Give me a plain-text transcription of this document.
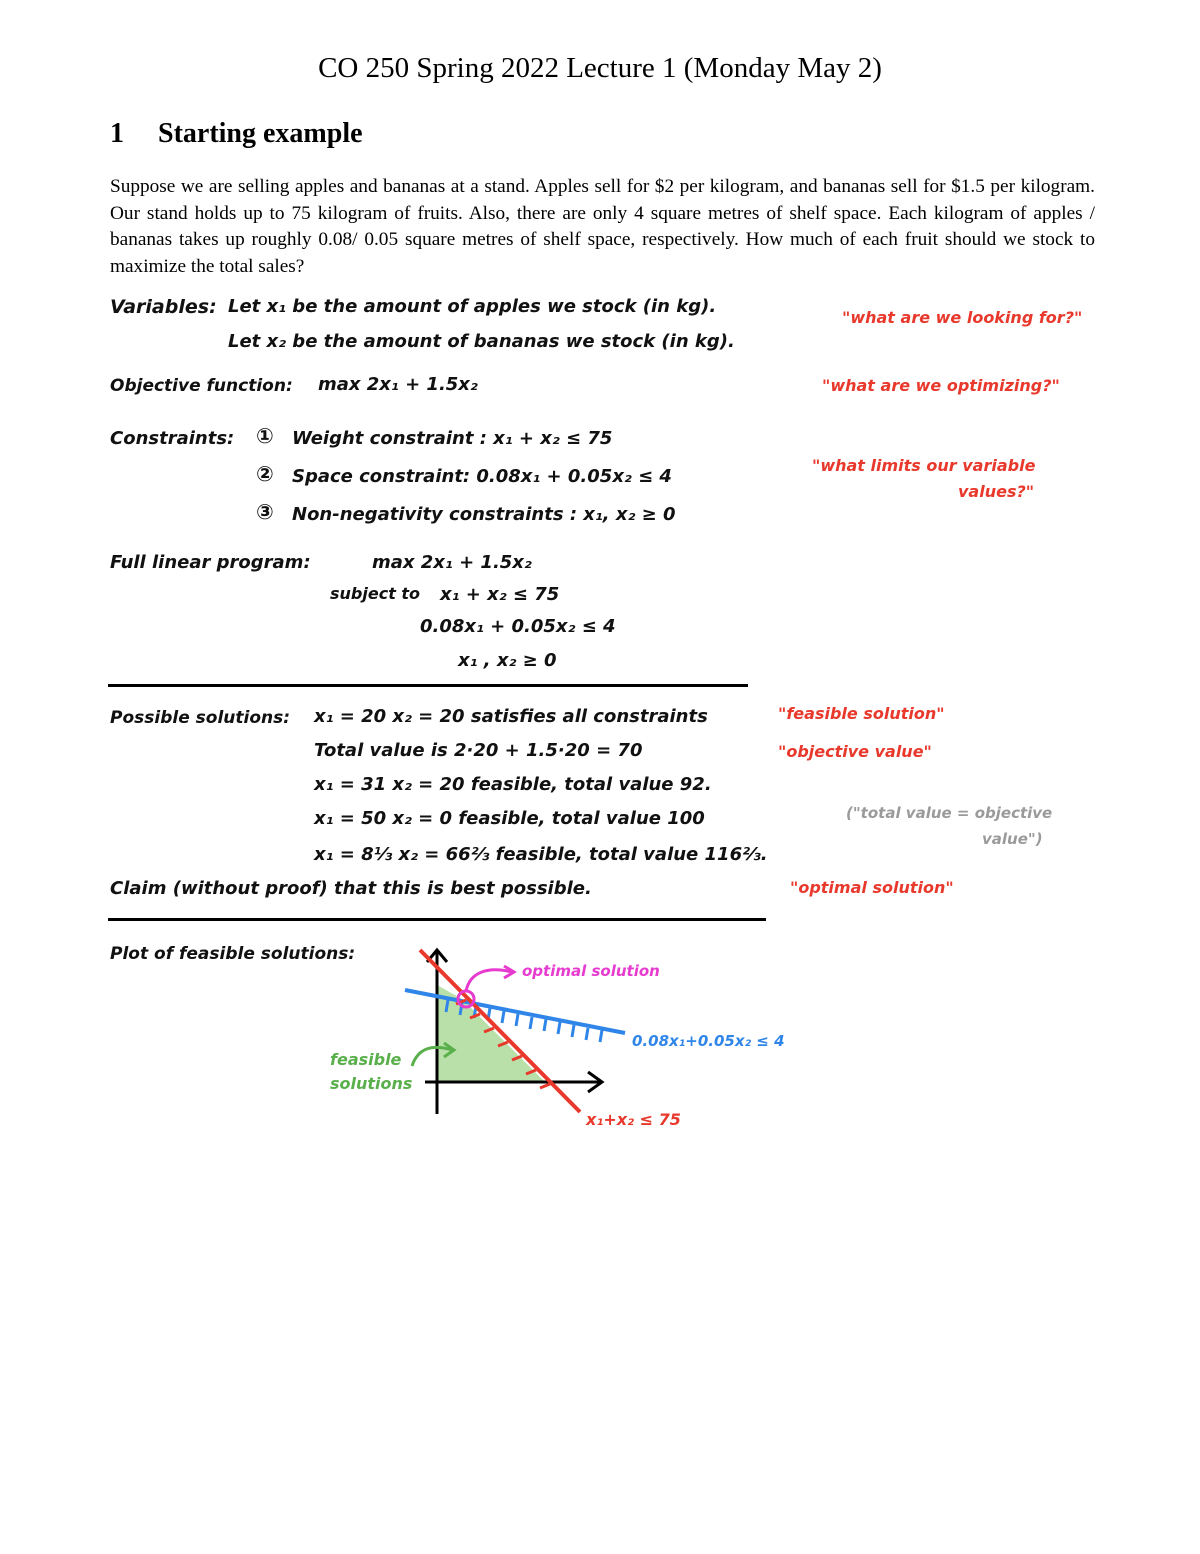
CO 250 Spring 2022 Lecture 1 (Monday May 2)
1 Starting example
Suppose we are selling apples and bananas at a stand. Apples sell for $2 per kilogram, and bananas sell for $1.5 per kilogram. Our stand holds up to 75 kilogram of fruits. Also, there are only 4 square metres of shelf space. Each kilogram of apples / bananas takes up roughly 0.08/ 0.05 square metres of shelf space, respectively. How much of each fruit should we stock to maximize the total sales?
Variables: Let x₁ be the amount of apples we stock (in kg).
Let x₂ be the amount of bananas we stock (in kg).
"what are we looking for?"
Objective function: max 2x₁ + 1.5x₂	"what are we optimizing?"
Constraints: ① Weight constraint : x₁ + x₂ ≤ 75
② Space constraint: 0.08x₁ + 0.05x₂ ≤ 4
③ Non-negativity constraints : x₁, x₂ ≥ 0
"what limits our variable
values?"
Full linear program:	max 2x₁ + 1.5x₂
subject to x₁ + x₂ ≤ 75
0.08x₁ + 0.05x₂ ≤ 4
x₁ , x₂ ≥ 0
Possible solutions: x₁ = 20 x₂ = 20 satisfies all constraints
Total value is 2·20 + 1.5·20 = 70
x₁ = 31 x₂ = 20 feasible, total value 92.
x₁ = 50 x₂ = 0 feasible, total value 100
x₁ = 8⅓ x₂ = 66⅔ feasible, total value 116⅔.
Claim (without proof) that this is best possible.
"feasible solution"
"objective value"
("total value = objective
value")
"optimal solution"
Plot of feasible solutions:
optimal solution
0.08x₁+0.05x₂ ≤ 4
x₁+x₂ ≤ 75
feasible
solutions
